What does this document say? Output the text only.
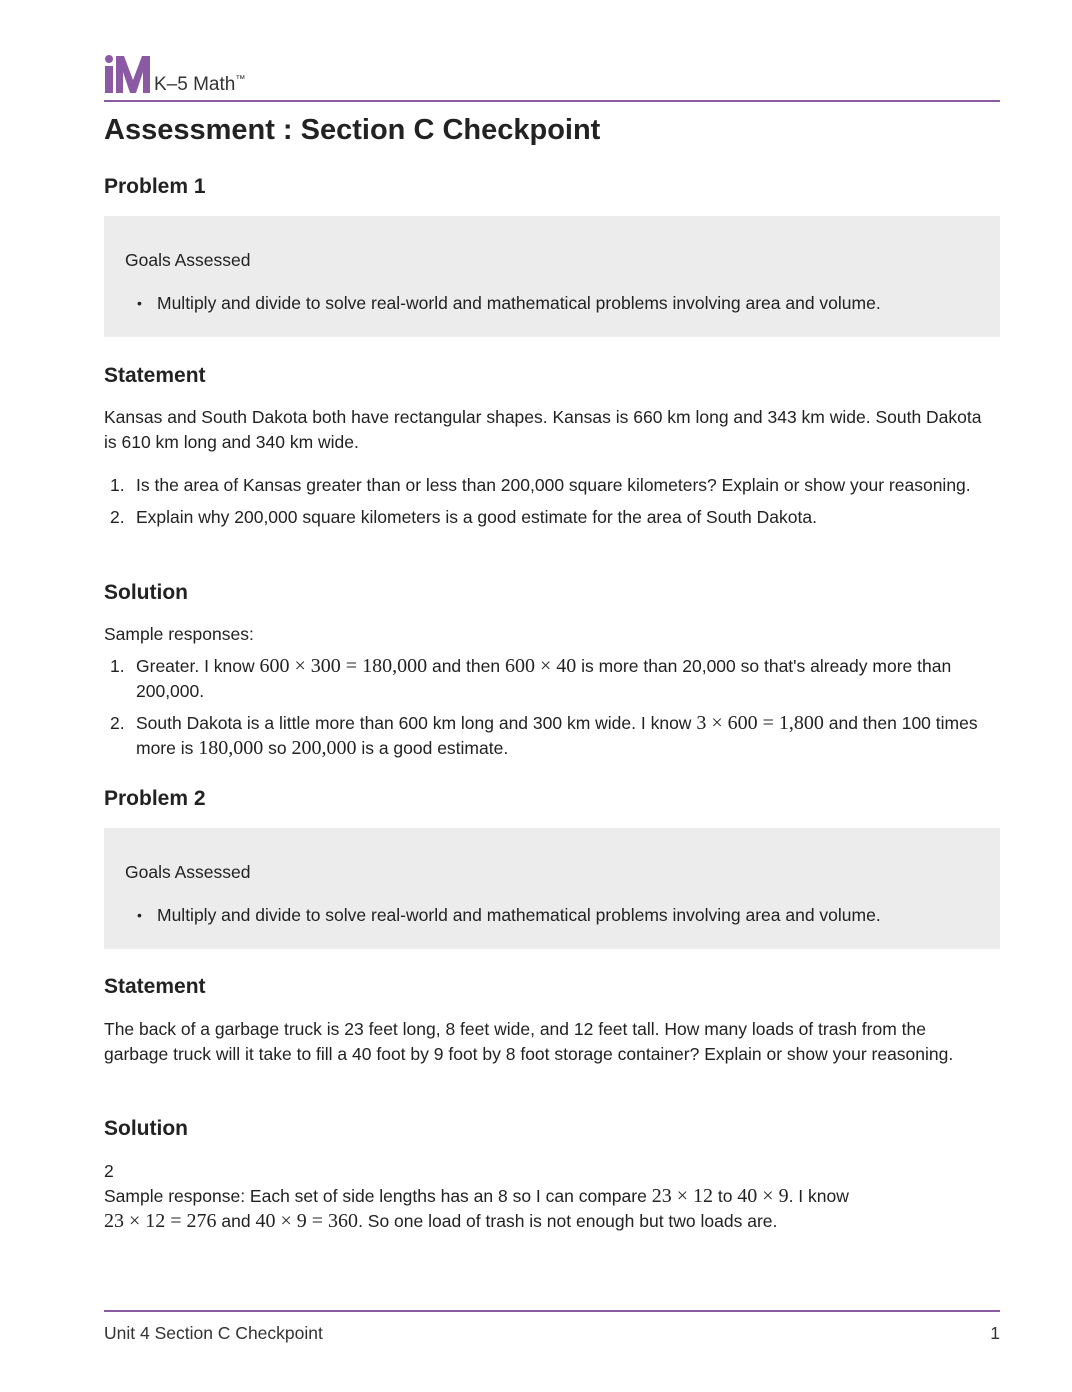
K–5 Math™
Assessment : Section C Checkpoint
Problem 1
Goals Assessed
• Multiply and divide to solve real-world and mathematical problems involving area and volume.
Statement

Kansas and South Dakota both have rectangular shapes. Kansas is 660 km long and 343 km wide. South Dakota is 610 km long and 340 km wide.

1. Is the area of Kansas greater than or less than 200,000 square kilometers? Explain or show your reasoning.
2. Explain why 200,000 square kilometers is a good estimate for the area of South Dakota.
Solution

Sample responses:

1. Greater. I know 600 × 300 = 180,000 and then 600 × 40 is more than 20,000 so that's already more than 200,000.
2. South Dakota is a little more than 600 km long and 300 km wide. I know 3 × 600 = 1,800 and then 100 times more is 180,000 so 200,000 is a good estimate.
Problem 2
Goals Assessed
• Multiply and divide to solve real-world and mathematical problems involving area and volume.
Statement

The back of a garbage truck is 23 feet long, 8 feet wide, and 12 feet tall. How many loads of trash from the garbage truck will it take to fill a 40 foot by 9 foot by 8 foot storage container? Explain or show your reasoning.

Solution

2

Sample response: Each set of side lengths has an 8 so I can compare 23 × 12 to 40 × 9. I know
23 × 12 = 276 and 40 × 9 = 360. So one load of trash is not enough but two loads are.

Unit 4 Section C Checkpoint	1
